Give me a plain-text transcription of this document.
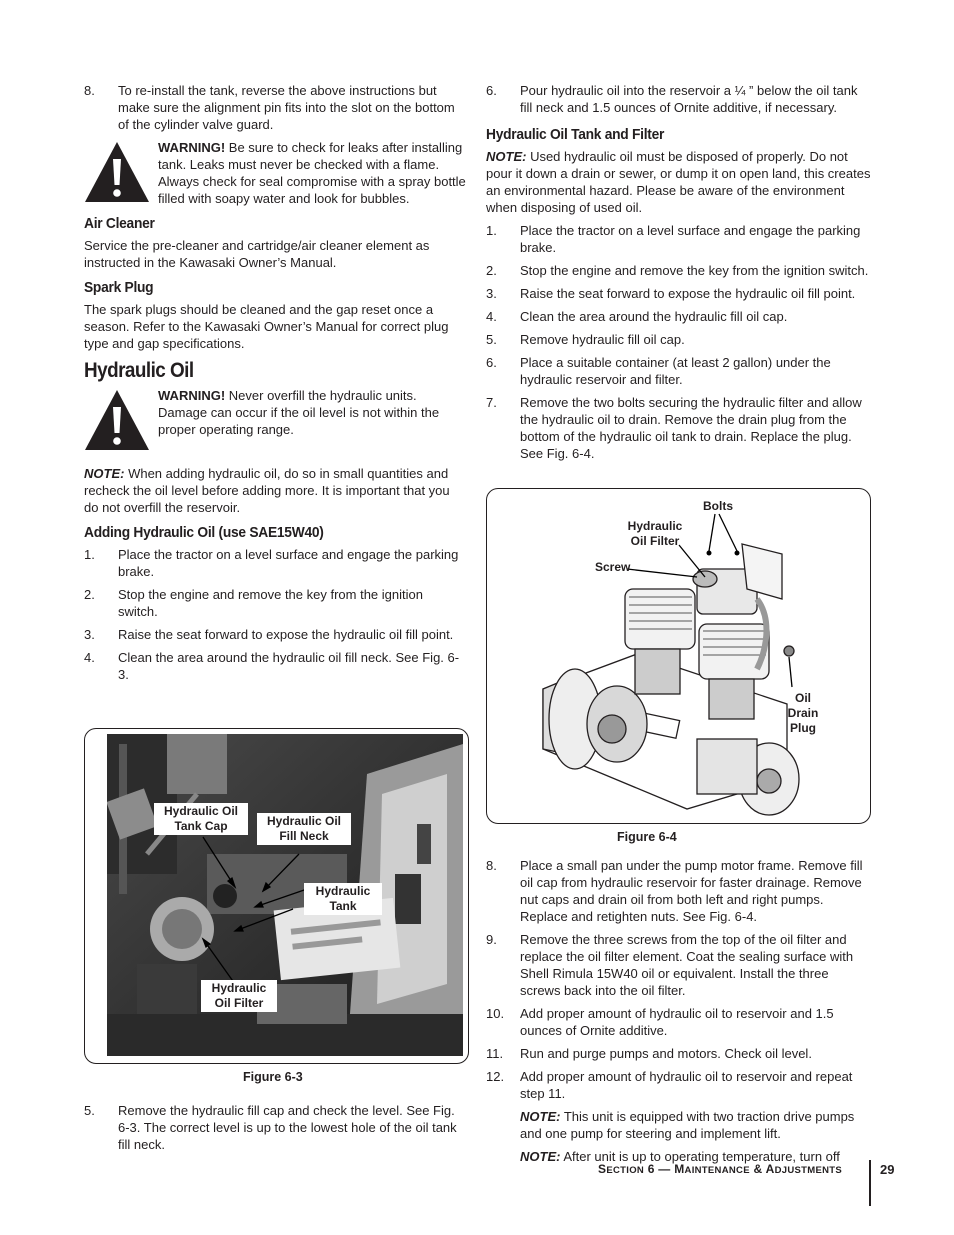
8.	To re-install the tank, reverse the above instructions but make sure the alignment pin fits into the slot on the bottom of the cylinder valve guard.
WARNING! Be sure to check for leaks after installing tank. Leaks must never be checked with a flame. Always check for seal compromise with a spray bottle filled with soapy water and look for bubbles.
Air Cleaner
Service the pre-cleaner and cartridge/air cleaner element as instructed in the Kawasaki Owner’s Manual.
Spark Plug
The spark plugs should be cleaned and the gap reset once a season. Refer to the Kawasaki Owner’s Manual for correct plug type and gap specifications.
Hydraulic Oil
WARNING! Never overfill the hydraulic units. Damage can occur if the oil level is not within the proper operating range.
NOTE: When adding hydraulic oil, do so in small quantities and recheck the oil level before adding more. It is important that you do not overfill the reservoir.
Adding Hydraulic Oil (use SAE15W40)
1.	Place the tractor on a level surface and engage the parking brake.
2.	Stop the engine and remove the key from the ignition switch.
3.	Raise the seat forward to expose the hydraulic oil fill point.
4.	Clean the area around the hydraulic oil fill neck. See Fig. 6-3.
Hydraulic Oil
Tank Cap	Hydraulic Oil
Fill Neck
Hydraulic
Tank
Hydraulic
Oil Filter
Figure 6-3
5.	Remove the hydraulic fill cap and check the level. See Fig. 6-3. The correct level is up to the lowest hole of the oil tank fill neck.
6.	Pour hydraulic oil into the reservoir a ¼ ” below the oil tank fill neck and 1.5 ounces of Ornite additive, if necessary.
Hydraulic Oil Tank and Filter
NOTE: Used hydraulic oil must be disposed of properly. Do not pour it down a drain or sewer, or dump it on open land, this creates an environmental hazard. Please be aware of the environment when disposing of used oil.
1.	Place the tractor on a level surface and engage the parking brake.
2.	Stop the engine and remove the key from the ignition switch.
3.	Raise the seat forward to expose the hydraulic oil fill point.
4.	Clean the area around the hydraulic fill oil cap.
5.	Remove hydraulic fill oil cap.
6.	Place a suitable container (at least 2 gallon) under the hydraulic reservoir and filter.
7.	Remove the two bolts securing the hydraulic filter and allow the hydraulic oil to drain. Remove the drain plug from the bottom of the hydraulic oil tank to drain. Replace the plug. See Fig. 6-4.
Bolts
Hydraulic
Oil Filter
Screw
Oil
Drain
Plug
Figure 6-4
8.	Place a small pan under the pump motor frame. Remove fill oil cap from hydraulic reservoir for faster drainage. Remove nut caps and drain oil from both left and right pumps. Replace and retighten nuts. See Fig. 6-4.
9.	Remove the three screws from the top of the oil filter and replace the oil filter element. Coat the sealing surface with Shell Rimula 15W40 oil or equivalent. Install the three screws back into the oil filter.
10.	Add proper amount of hydraulic oil to reservoir and 1.5 ounces of Ornite additive.
11.	Run and purge pumps and motors. Check oil level.
12.	Add proper amount of hydraulic oil to reservoir and repeat step 11.
NOTE: This unit is equipped with two traction drive pumps and one pump for steering and implement lift.
NOTE: After unit is up to operating temperature, turn off
SECTION 6 — MAINTENANCE & ADJUSTMENTS	29
